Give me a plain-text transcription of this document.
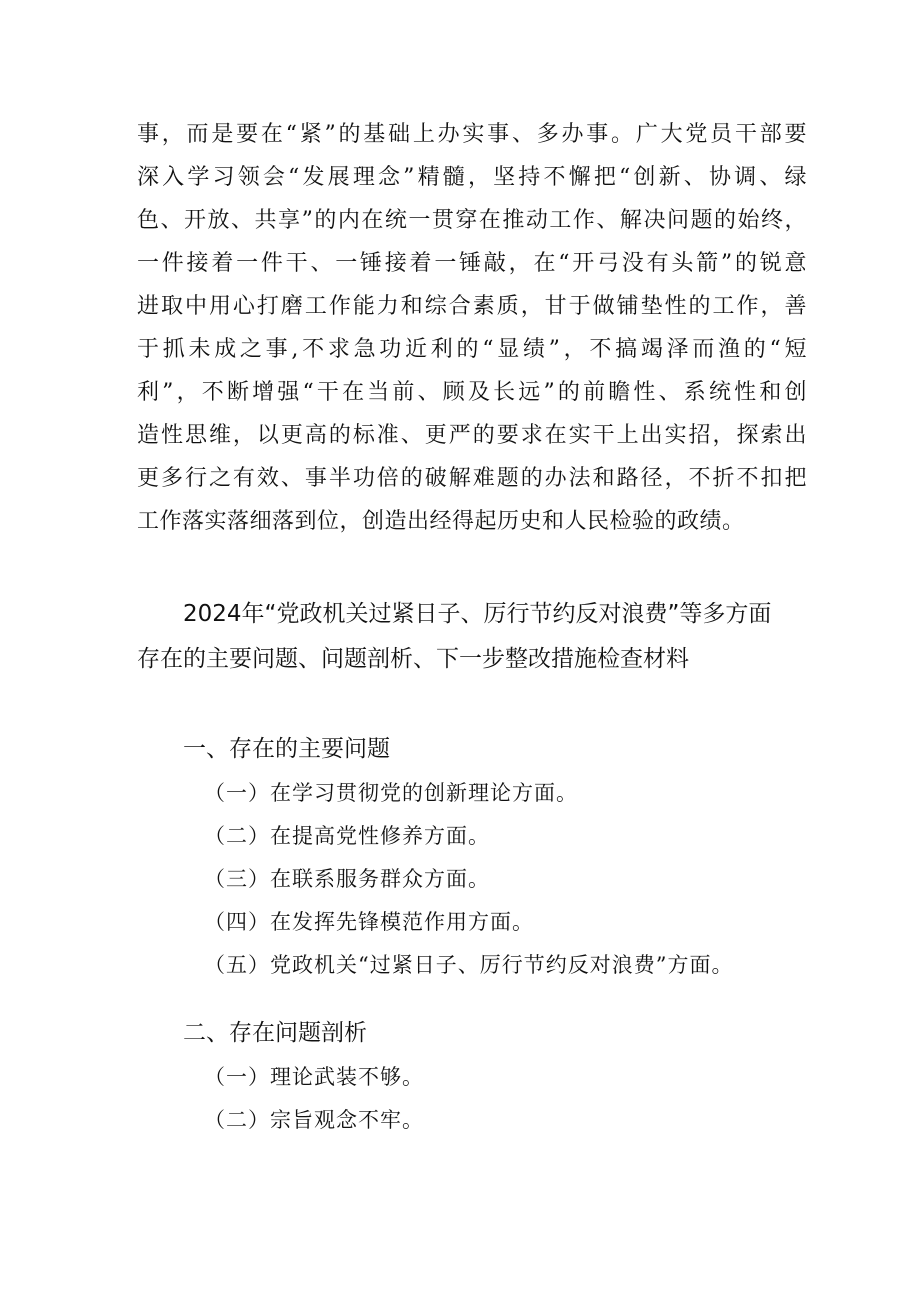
事，而是要在“紧”的基础上办实事、多办事。广大党员干部要
深入学习领会“发展理念”精髓，坚持不懈把“创新、协调、绿
色、开放、共享”的内在统一贯穿在推动工作、解决问题的始终，
一件接着一件干、一锤接着一锤敲，在“开弓没有头箭”的锐意
进取中用心打磨工作能力和综合素质，甘于做铺垫性的工作，善
于抓未成之事,不求急功近利的“显绩”，不搞竭泽而渔的“短
利”，不断增强“干在当前、顾及长远”的前瞻性、系统性和创
造性思维，以更高的标准、更严的要求在实干上出实招，探索出
更多行之有效、事半功倍的破解难题的办法和路径，不折不扣把
工作落实落细落到位，创造出经得起历史和人民检验的政绩。
2024年“党政机关过紧日子、厉行节约反对浪费”等多方面
存在的主要问题、问题剖析、下一步整改措施检查材料
一、存在的主要问题
（一）在学习贯彻党的创新理论方面。
（二）在提高党性修养方面。
（三）在联系服务群众方面。
（四）在发挥先锋模范作用方面。
（五）党政机关“过紧日子、厉行节约反对浪费”方面。
二、存在问题剖析
（一）理论武装不够。
（二）宗旨观念不牢。
